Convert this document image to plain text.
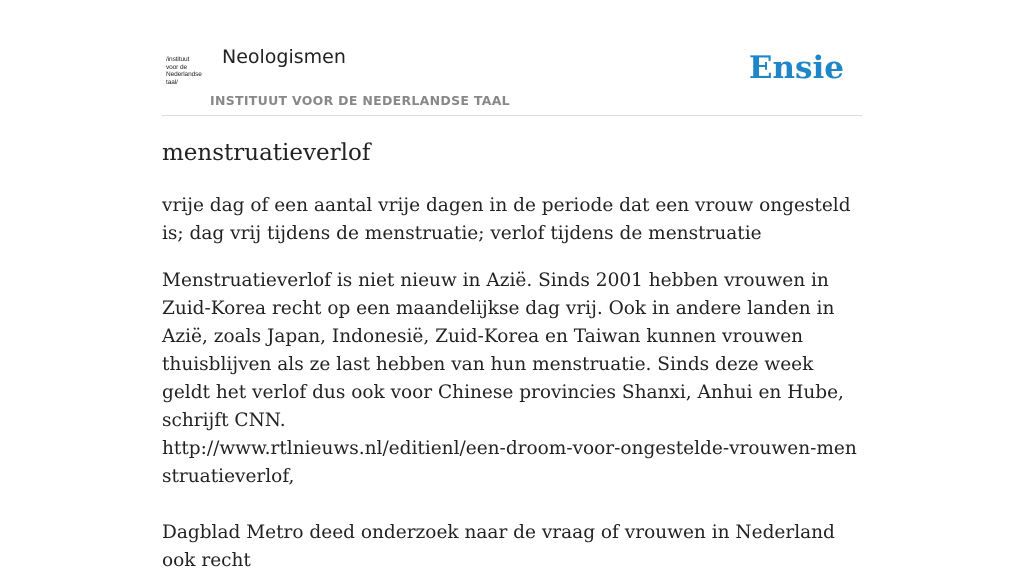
/instituut
voor de
Nederlandse
taal/
Neologismen
INSTITUUT VOOR DE NEDERLANDSE TAAL
Ensie
menstruatieverlof

vrije dag of een aantal vrije dagen in de periode dat een vrouw ongesteld is; dag vrij tijdens de menstruatie; verlof tijdens de menstruatie

Menstruatieverlof is niet nieuw in Azië. Sinds 2001 hebben vrouwen in Zuid-Korea recht op een maandelijkse dag vrij. Ook in andere landen in Azië, zoals Japan, Indonesië, Zuid-Korea en Taiwan kunnen vrouwen thuisblijven als ze last hebben van hun menstruatie. Sinds deze week geldt het verlof dus ook voor Chinese provincies Shanxi, Anhui en Hube, schrijft CNN.
http://www.rtlnieuws.nl/editienl/een-droom-voor-ongestelde-vrouwen-menstruatieverlof,
Dagblad Metro deed onderzoek naar de vraag of vrouwen in Nederland ook recht
